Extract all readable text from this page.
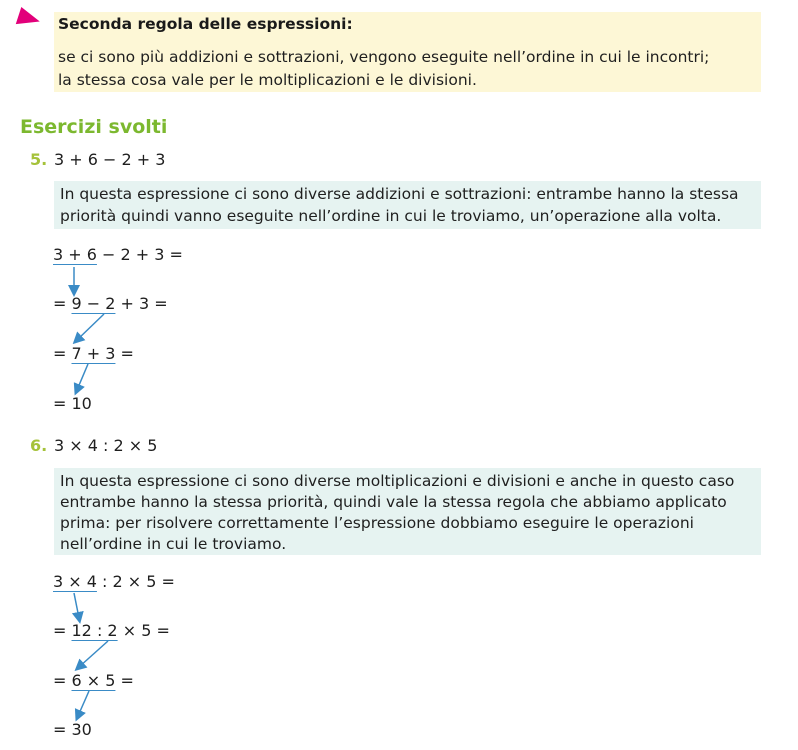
Seconda regola delle espressioni:
se ci sono più addizioni e sottrazioni, vengono eseguite nell’ordine in cui le incontri;
la stessa cosa vale per le moltiplicazioni e le divisioni.
Esercizi svolti
5. 3 + 6 − 2 + 3
In questa espressione ci sono diverse addizioni e sottrazioni: entrambe hanno la stessa
priorità quindi vanno eseguite nell’ordine in cui le troviamo, un’operazione alla volta.
3 + 6 − 2 + 3 =
= 9 − 2 + 3 =
= 7 + 3 =
= 10
6. 3 × 4 : 2 × 5
In questa espressione ci sono diverse moltiplicazioni e divisioni e anche in questo caso
entrambe hanno la stessa priorità, quindi vale la stessa regola che abbiamo applicato
prima: per risolvere correttamente l’espressione dobbiamo eseguire le operazioni
nell’ordine in cui le troviamo.
3 × 4 : 2 × 5 =
= 12 : 2 × 5 =
= 6 × 5 =
= 30
